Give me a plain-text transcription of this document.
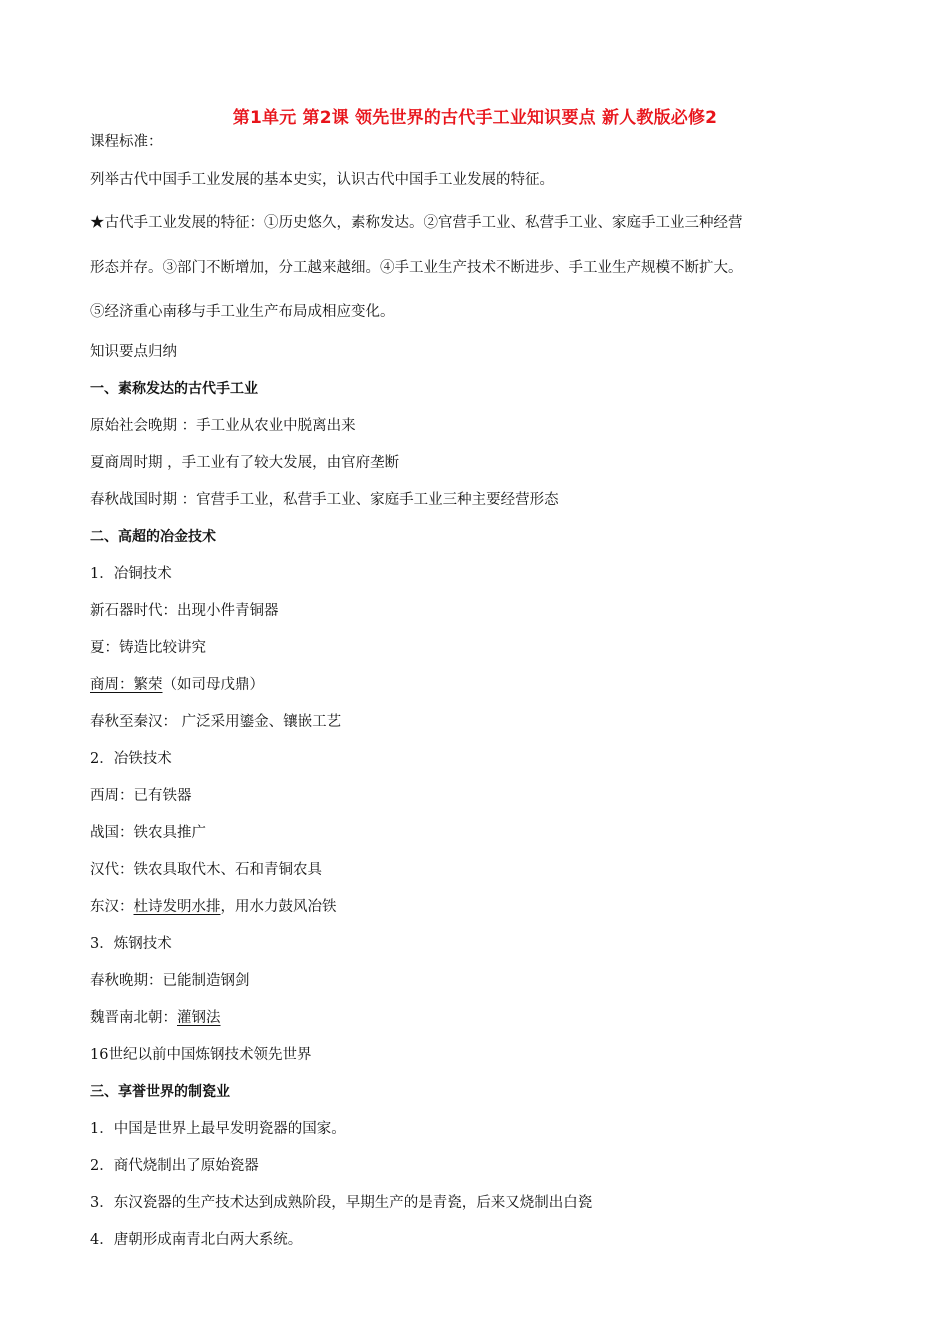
第1单元 第2课 领先世界的古代手工业知识要点 新人教版必修2
课程标准：
列举古代中国手工业发展的基本史实，认识古代中国手工业发展的特征。
★古代手工业发展的特征：①历史悠久，素称发达。②官营手工业、私营手工业、家庭手工业三种经营
形态并存。③部门不断增加，分工越来越细。④手工业生产技术不断进步、手工业生产规模不断扩大。
⑤经济重心南移与手工业生产布局成相应变化。
知识要点归纳
一、素称发达的古代手工业
原始社会晚期 ：手工业从农业中脱离出来
夏商周时期 ，手工业有了较大发展，由官府垄断
春秋战国时期 ：官营手工业，私营手工业、家庭手工业三种主要经营形态
二、高超的冶金技术
1．冶铜技术
新石器时代：出现小件青铜器
夏：铸造比较讲究
商周：繁荣（如司母戊鼎）
春秋至秦汉： 广泛采用鎏金、镶嵌工艺
2．冶铁技术
西周：已有铁器
战国：铁农具推广
汉代：铁农具取代木、石和青铜农具
东汉：杜诗发明水排，用水力鼓风冶铁
3．炼钢技术
春秋晚期：已能制造钢剑
魏晋南北朝：灌钢法
16世纪以前中国炼钢技术领先世界
三、享誉世界的制瓷业
1．中国是世界上最早发明瓷器的国家。
2．商代烧制出了原始瓷器
3．东汉瓷器的生产技术达到成熟阶段，早期生产的是青瓷，后来又烧制出白瓷
4．唐朝形成南青北白两大系统。
